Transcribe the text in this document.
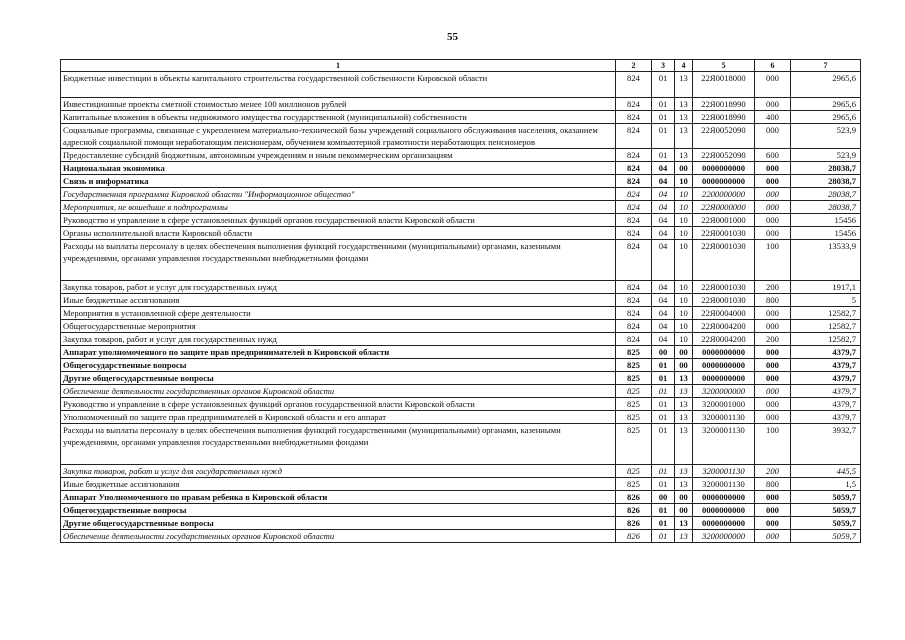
55
1	2	3	4	5	6	7
Бюджетные инвестиции в объекты капитального строительства государственной собственности Кировской области	824	01	13	22Я0018000	000	2965,6
Инвестиционные проекты сметной стоимостью менее 100 миллионов рублей	824	01	13	22Я0018990	000	2965,6
Капитальные вложения в объекты недвижимого имущества государственной (муниципальной) собственности	824	01	13	22Я0018990	400	2965,6
Социальные программы, связанные с укреплением материально-технической базы учреждений социального обслуживания населения, оказанием адресной социальной помощи неработающим пенсионерам, обучением компьютерной грамотности неработающих пенсионеров	824	01	13	22Я0052090	000	523,9
Предоставление субсидий бюджетным, автономным учреждениям и иным некоммерческим организациям	824	01	13	22Я0052090	600	523,9
Национальная экономика	824	04	00	0000000000	000	28038,7
Связь и информатика	824	04	10	0000000000	000	28038,7
Государственная программа Кировской области "Информационное общество"	824	04	10	2200000000	000	28038,7
Мероприятия, не вошедшие в подпрограммы	824	04	10	22Я0000000	000	28038,7
Руководство и управление в сфере установленных функций органов государственной власти Кировской области	824	04	10	22Я0001000	000	15456
Органы исполнительной власти Кировской области	824	04	10	22Я0001030	000	15456
Расходы на выплаты персоналу в целях обеспечения выполнения функций государственными (муниципальными) органами, казенными учреждениями, органами управления государственными внебюджетными фондами	824	04	10	22Я0001030	100	13533,9
Закупка товаров, работ и услуг для государственных нужд	824	04	10	22Я0001030	200	1917,1
Иные бюджетные ассигнования	824	04	10	22Я0001030	800	5
Мероприятия в установленной сфере деятельности	824	04	10	22Я0004000	000	12582,7
Общегосударственные мероприятия	824	04	10	22Я0004200	000	12582,7
Закупка товаров, работ и услуг для государственных нужд	824	04	10	22Я0004200	200	12582,7
Аппарат уполномоченного по защите прав предпринимателей в Кировской области	825	00	00	0000000000	000	4379,7
Общегосударственные вопросы	825	01	00	0000000000	000	4379,7
Другие общегосударственные вопросы	825	01	13	0000000000	000	4379,7
Обеспечение деятельности государственных органов Кировской области	825	01	13	3200000000	000	4379,7
Руководство и управление в сфере установленных функций органов государственной власти Кировской области	825	01	13	3200001000	000	4379,7
Уполномоченный по защите прав предпринимателей в Кировской области и его аппарат	825	01	13	3200001130	000	4379,7
Расходы на выплаты персоналу в целях обеспечения выполнения функций государственными (муниципальными) органами, казенными учреждениями, органами управления государственными внебюджетными фондами	825	01	13	3200001130	100	3932,7
Закупка товаров, работ и услуг для государственных нужд	825	01	13	3200001130	200	445,5
Иные бюджетные ассигнования	825	01	13	3200001130	800	1,5
Аппарат Уполномоченного по правам ребенка в Кировской области	826	00	00	0000000000	000	5059,7
Общегосударственные вопросы	826	01	00	0000000000	000	5059,7
Другие общегосударственные вопросы	826	01	13	0000000000	000	5059,7
Обеспечение деятельности государственных органов Кировской области	826	01	13	3200000000	000	5059,7
